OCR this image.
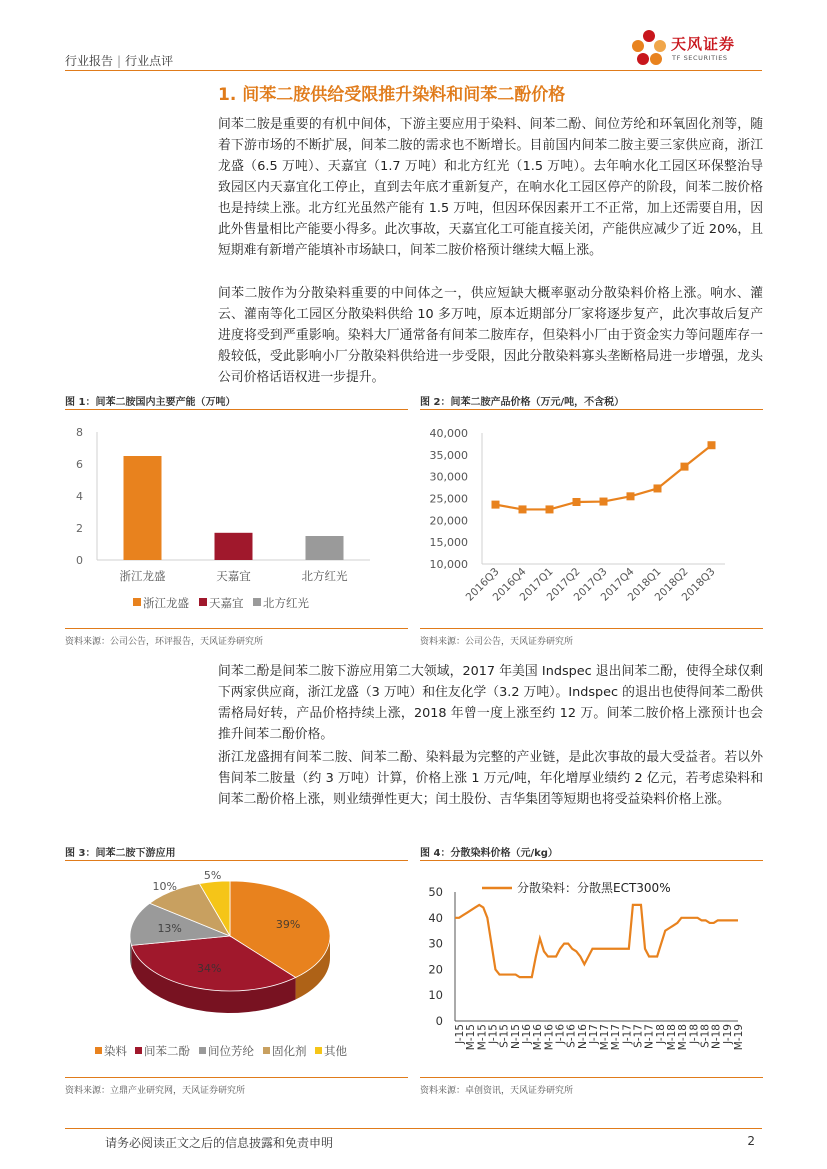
行业报告 | 行业点评
天风证券
TF SECURITIES
1. 间苯二胺供给受限推升染料和间苯二酚价格
间苯二胺是重要的有机中间体，下游主要应用于染料、间苯二酚、间位芳纶和环氧固化剂等，随着下游市场的不断扩展，间苯二胺的需求也不断增长。目前国内间苯二胺主要三家供应商，浙江龙盛（6.5 万吨）、天嘉宜（1.7 万吨）和北方红光（1.5 万吨）。去年响水化工园区环保整治导致园区内天嘉宜化工停止，直到去年底才重新复产，在响水化工园区停产的阶段，间苯二胺价格也是持续上涨。北方红光虽然产能有 1.5 万吨，但因环保因素开工不正常，加上还需要自用，因此外售量相比产能要小得多。此次事故，天嘉宜化工可能直接关闭，产能供应减少了近 20%，且短期难有新增产能填补市场缺口，间苯二胺价格预计继续大幅上涨。
间苯二胺作为分散染料重要的中间体之一，供应短缺大概率驱动分散染料价格上涨。响水、灌云、灌南等化工园区分散染料供给 10 多万吨，原本近期部分厂家将逐步复产，此次事故后复产进度将受到严重影响。染料大厂通常备有间苯二胺库存，但染料小厂由于资金实力等问题库存一般较低，受此影响小厂分散染料供给进一步受限，因此分散染料寡头垄断格局进一步增强，龙头公司价格话语权进一步提升。
图 1：间苯二胺国内主要产能（万吨）
0
2
4
6
8
浙江龙盛	天嘉宜	北方红光
浙江龙盛 天嘉宜 北方红光
资料来源：公司公告，环评报告，天风证券研究所
图 2：间苯二胺产品价格（万元/吨，不含税）
10,000
15,000
20,000
25,000
30,000
35,000
40,000
2016Q3
2016Q4
2017Q1
2017Q2
2017Q3
2017Q4
2018Q1
2018Q2
2018Q3
资料来源：公司公告，天风证券研究所
间苯二酚是间苯二胺下游应用第二大领域，2017 年美国 Indspec 退出间苯二酚，使得全球仅剩下两家供应商，浙江龙盛（3 万吨）和住友化学（3.2 万吨）。Indspec 的退出也使得间苯二酚供需格局好转，产品价格持续上涨，2018 年曾一度上涨至约 12 万。间苯二胺价格上涨预计也会推升间苯二酚价格。
浙江龙盛拥有间苯二胺、间苯二酚、染料最为完整的产业链，是此次事故的最大受益者。若以外售间苯二胺量（约 3 万吨）计算，价格上涨 1 万元/吨，年化增厚业绩约 2 亿元，若考虑染料和间苯二酚价格上涨，则业绩弹性更大；闰土股份、吉华集团等短期也将受益染料价格上涨。
图 3：间苯二胺下游应用
39%
34%
13%
10%
5%
染料 间苯二酚 间位芳纶 固化剂 其他
资料来源：立鼎产业研究网，天风证券研究所
图 4：分散染料价格（元/kg）
0
10
20
30
40
50
J-15 M-15 M-15 J-15 S-15 N-15 J-16 M-16 M-16 J-16 S-16 N-16 J-17 M-17 M-17 J-17 S-17 N-17 J-18 M-18 M-18 J-18 S-18 N-18 J-19 M-19
分散染料：分散黑ECT300%
资料来源：卓创资讯，天风证券研究所
请务必阅读正文之后的信息披露和免责申明	2
